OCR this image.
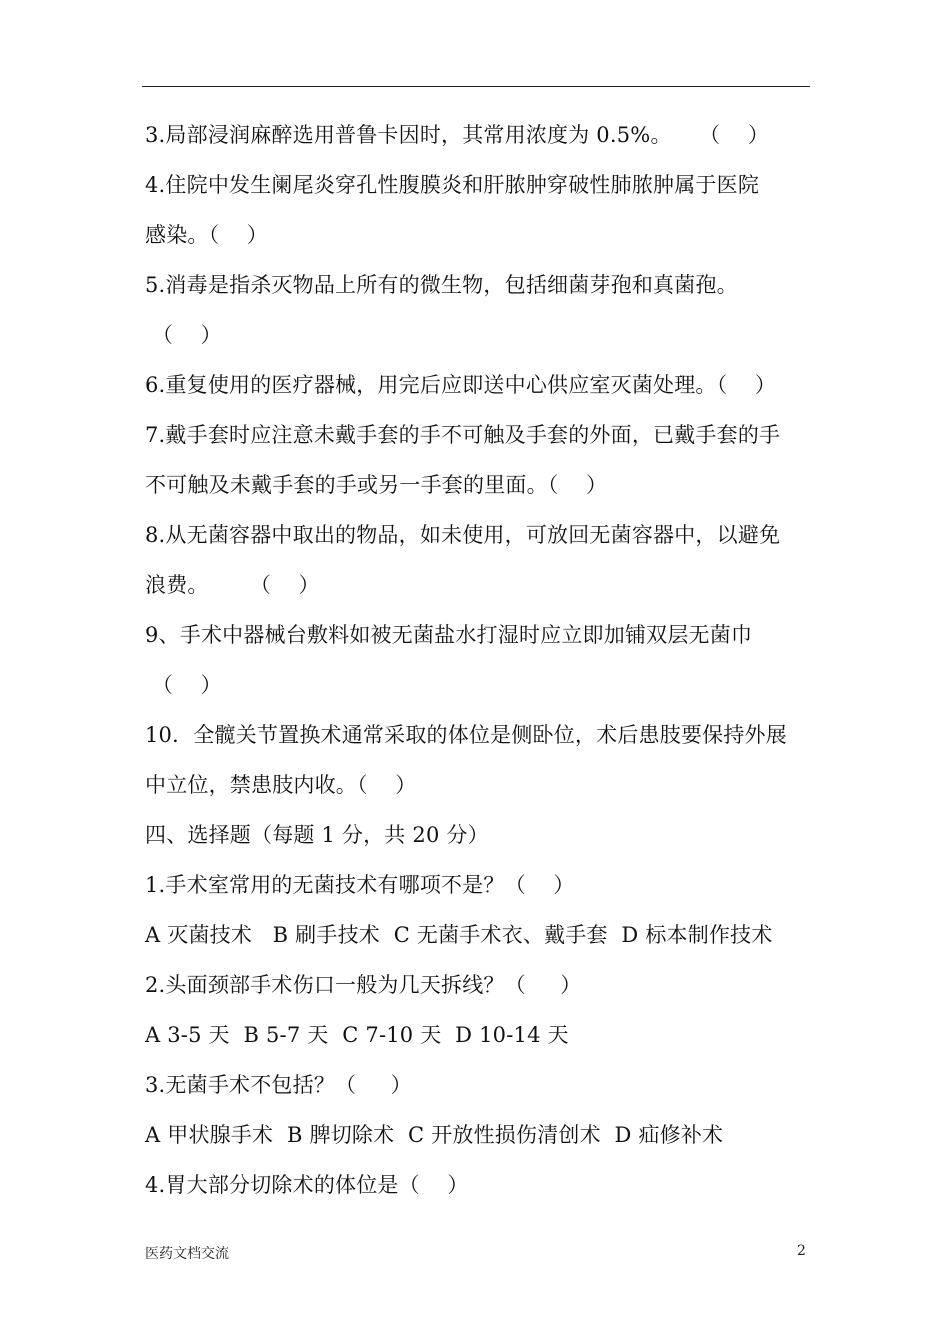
3.局部浸润麻醉选用普鲁卡因时，其常用浓度为 0.5%。    （    ）
4.住院中发生阑尾炎穿孔性腹膜炎和肝脓肿穿破性肺脓肿属于医院
感染。（    ）
5.消毒是指杀灭物品上所有的微生物，包括细菌芽孢和真菌孢。
（    ）
6.重复使用的医疗器械，用完后应即送中心供应室灭菌处理。（    ）
7.戴手套时应注意未戴手套的手不可触及手套的外面，已戴手套的手
不可触及未戴手套的手或另一手套的里面。（    ）
8.从无菌容器中取出的物品，如未使用，可放回无菌容器中，以避免
浪费。      （    ）
9、手术中器械台敷料如被无菌盐水打湿时应立即加铺双层无菌巾
（    ）
10．全髋关节置换术通常采取的体位是侧卧位，术后患肢要保持外展
中立位，禁患肢内收。（    ）
四、选择题（每题 1 分，共 20 分）
1.手术室常用的无菌技术有哪项不是？（    ）
A 灭菌技术   B 刷手技术  C 无菌手术衣、戴手套  D 标本制作技术
2.头面颈部手术伤口一般为几天拆线？（     ）
A 3-5 天  B 5-7 天  C 7-10 天  D 10-14 天
3.无菌手术不包括？（     ）
A 甲状腺手术  B 脾切除术  C 开放性损伤清创术  D 疝修补术
4.胃大部分切除术的体位是（    ）
医药文档交流	2
